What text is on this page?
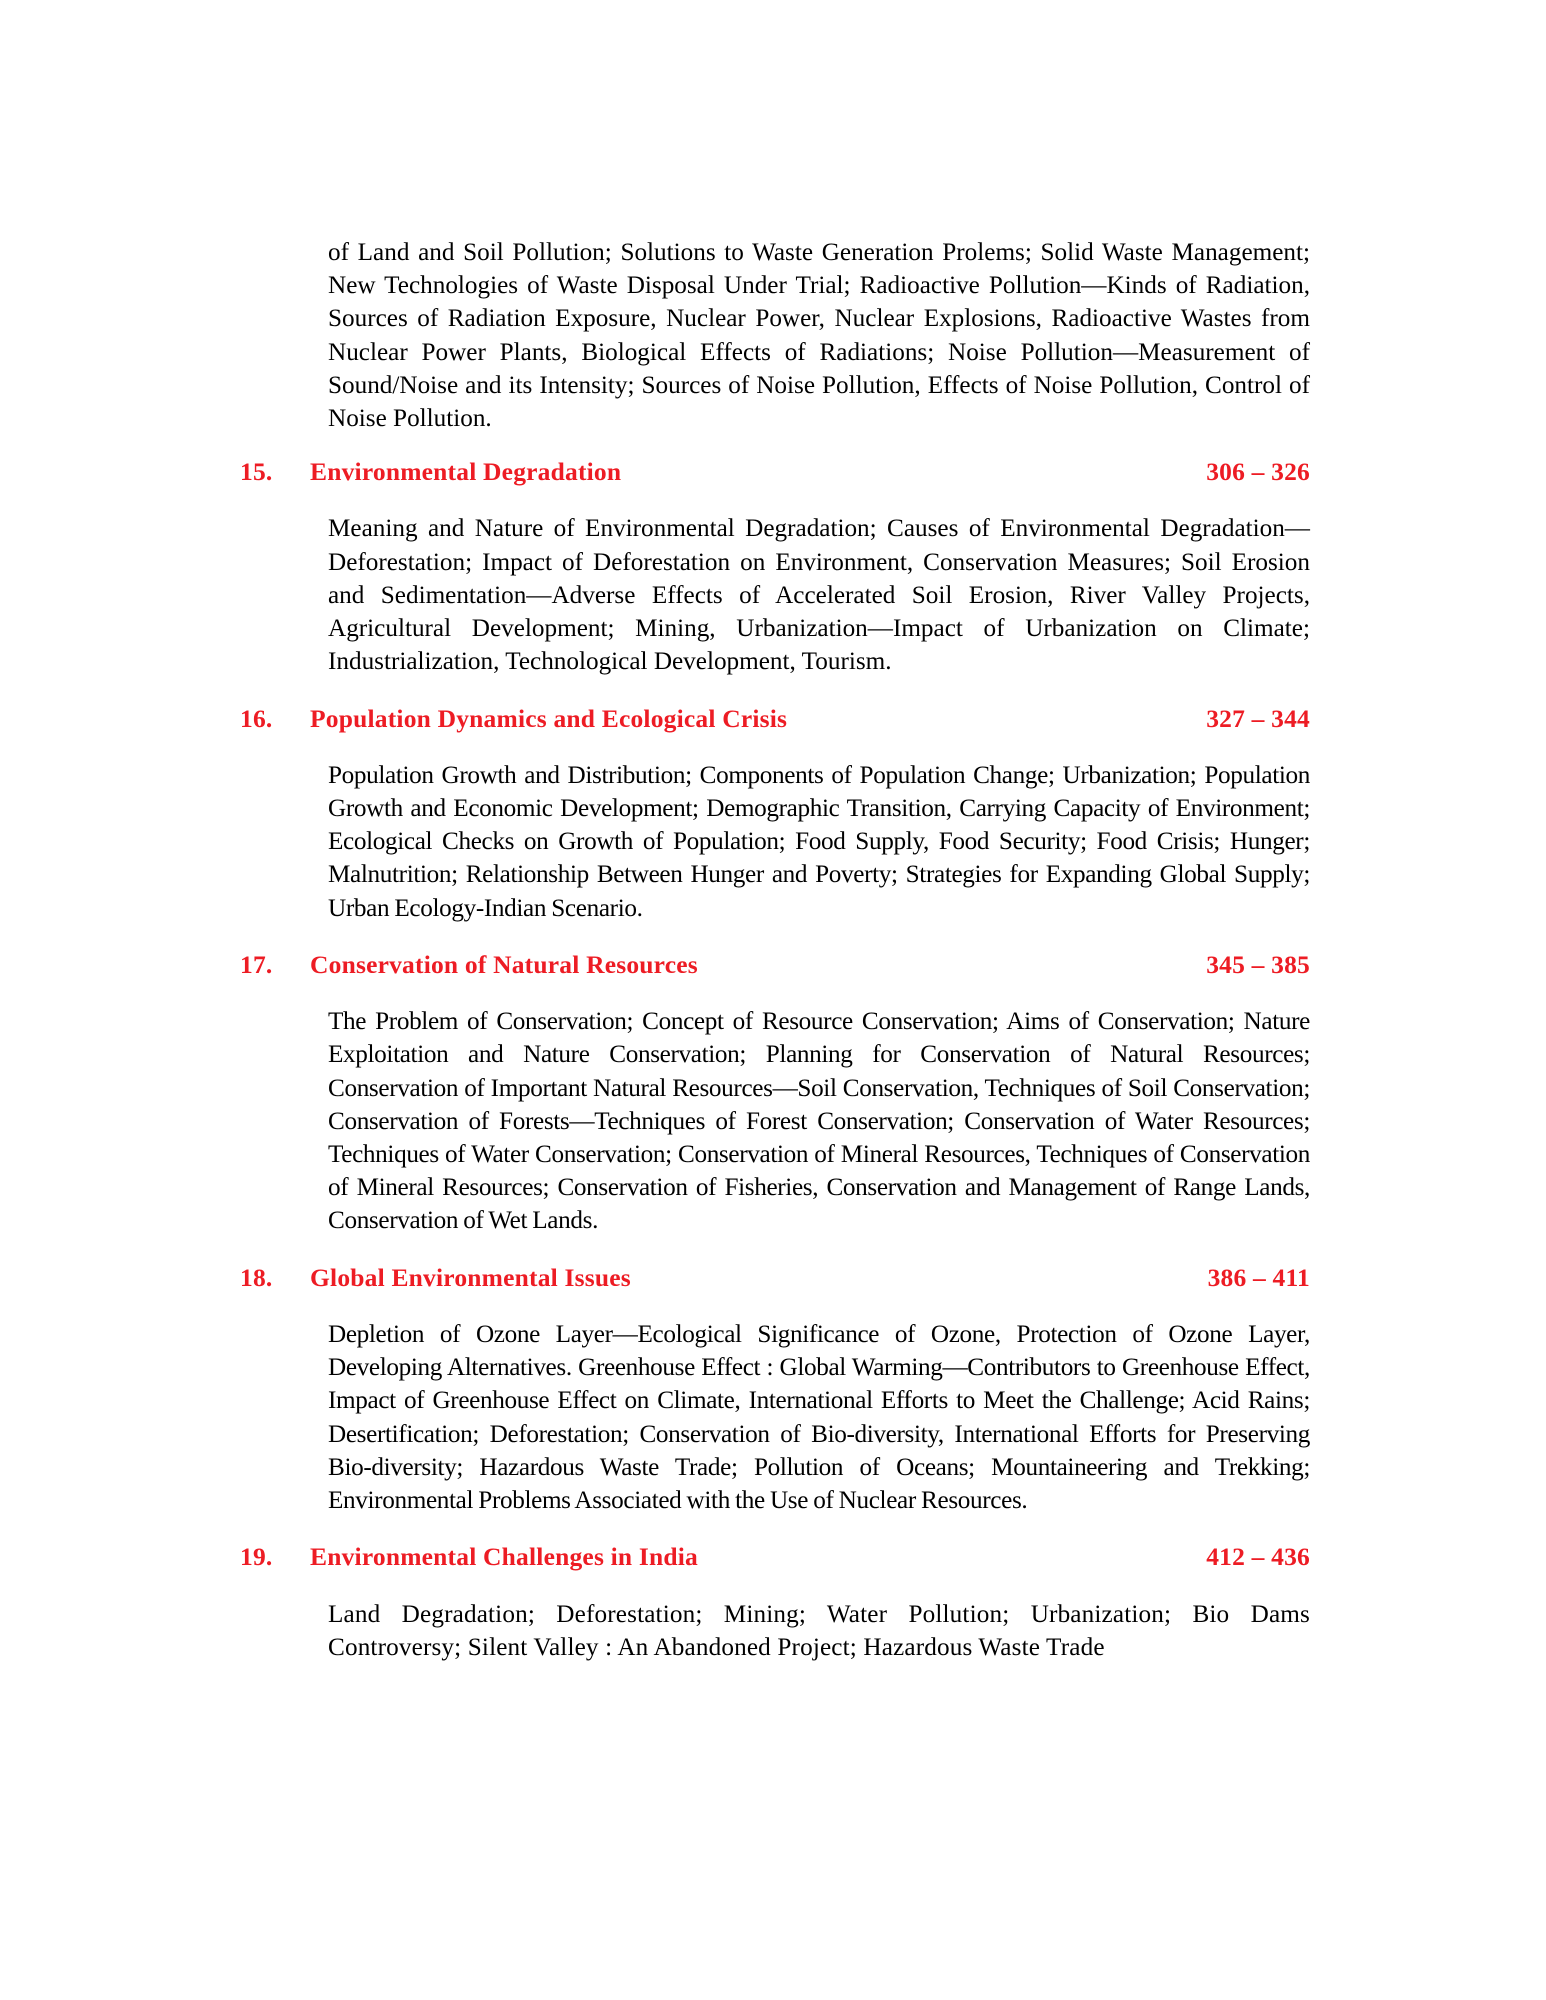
of Land and Soil Pollution; Solutions to Waste Generation Prolems; Solid Waste Management; New Technologies of Waste Disposal Under Trial; Radioactive Pollution—Kinds of Radiation, Sources of Radiation Exposure, Nuclear Power, Nuclear Explosions, Radioactive Wastes from Nuclear Power Plants, Biological Effects of Radiations; Noise Pollution—Measurement of Sound/Noise and its Intensity; Sources of Noise Pollution, Effects of Noise Pollution, Control of Noise Pollution.

15.	Environmental Degradation	306 – 326

Meaning and Nature of Environmental Degradation; Causes of Environmental Degradation—Deforestation; Impact of Deforestation on Environment, Conservation Measures; Soil Erosion and Sedimentation—Adverse Effects of Accelerated Soil Erosion, River Valley Projects, Agricultural Development; Mining, Urbanization—Impact of Urbanization on Climate; Industrialization, Technological Development, Tourism.

16.	Population Dynamics and Ecological Crisis	327 – 344

Population Growth and Distribution; Components of Population Change; Urbanization; Population Growth and Economic Development; Demographic Transition, Carrying Capacity of Environment; Ecological Checks on Growth of Population; Food Supply, Food Security; Food Crisis; Hunger; Malnutrition; Relationship Between Hunger and Poverty; Strategies for Expanding Global Supply; Urban Ecology-Indian Scenario.

17.	Conservation of Natural Resources	345 – 385

The Problem of Conservation; Concept of Resource Conservation; Aims of Conservation; Nature Exploitation and Nature Conservation; Planning for Conservation of Natural Resources; Conservation of Important Natural Resources—Soil Conservation, Techniques of Soil Conservation; Conservation of Forests—Techniques of Forest Conservation; Conservation of Water Resources; Techniques of Water Conservation; Conservation of Mineral Resources, Techniques of Conservation of Mineral Resources; Conservation of Fisheries, Conservation and Management of Range Lands, Conservation of Wet Lands.

18.	Global Environmental Issues	386 – 411

Depletion of Ozone Layer—Ecological Significance of Ozone, Protection of Ozone Layer, Developing Alternatives. Greenhouse Effect : Global Warming—Contributors to Greenhouse Effect, Impact of Greenhouse Effect on Climate, International Efforts to Meet the Challenge; Acid Rains; Desertification; Deforestation; Conservation of Bio-diversity, International Efforts for Preserving Bio-diversity; Hazardous Waste Trade; Pollution of Oceans; Mountaineering and Trekking; Environmental Problems Associated with the Use of Nuclear Resources.

19.	Environmental Challenges in India	412 – 436

Land Degradation; Deforestation; Mining; Water Pollution; Urbanization; Bio Dams Controversy; Silent Valley : An Abandoned Project; Hazardous Waste Trade
